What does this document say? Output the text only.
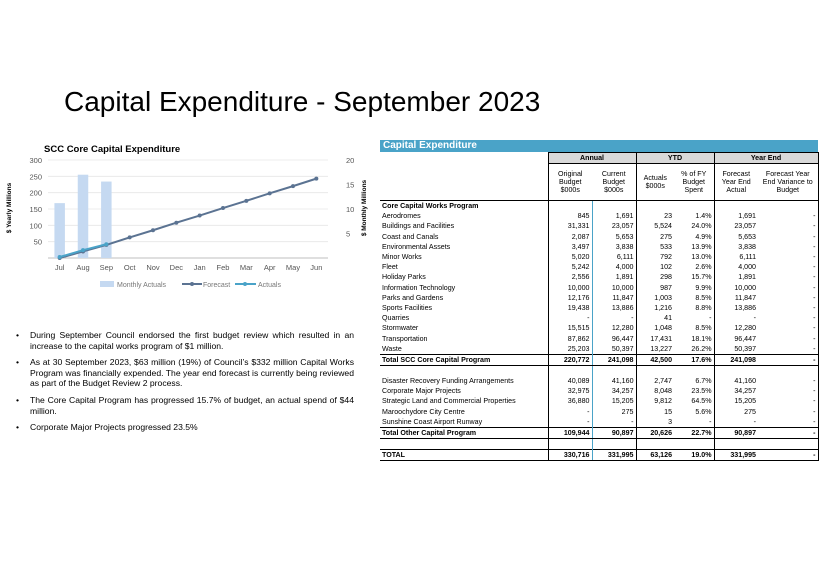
Capital Expenditure - September 2023
SCC Core Capital Expenditure
$ Yearly Millions	$ Monthly Millions
50
100
150
200
250
300
5
10
15
20
Jul Aug Sep Oct Nov Dec Jan Feb Mar Apr May Jun
Monthly Actuals	Forecast	Actuals
• During September Council endorsed the first budget review which resulted in an increase to the capital works program of $1 million.
• As at 30 September 2023, $63 million (19%) of Council’s $332 million Capital Works Program was financially expended. The year end forecast is currently being reviewed as part of the Budget Review 2 process.
• The Core Capital Program has progressed 15.7% of budget, an actual spend of $44 million.
• Corporate Major Projects progressed 23.5%
Capital Expenditure
	Annual		YTD		Year End	
	Original Budget $000s	Current Budget $000s	Actuals $000s	% of FY Budget Spent	Forecast Year End Actual	Forecast Year End Variance to Budget
Core Capital Works Program						
Aerodromes	845	1,691	23	1.4%	1,691	-
Buildings and Facilities	31,331	23,057	5,524	24.0%	23,057	-
Coast and Canals	2,087	5,653	275	4.9%	5,653	-
Environmental Assets	3,497	3,838	533	13.9%	3,838	-
Minor Works	5,020	6,111	792	13.0%	6,111	-
Fleet	5,242	4,000	102	2.6%	4,000	-
Holiday Parks	2,556	1,891	298	15.7%	1,891	-
Information Technology	10,000	10,000	987	9.9%	10,000	-
Parks and Gardens	12,176	11,847	1,003	8.5%	11,847	-
Sports Facilities	19,438	13,886	1,216	8.8%	13,886	-
Quarries	-	-	41	-	-	-
Stormwater	15,515	12,280	1,048	8.5%	12,280	-
Transportation	87,862	96,447	17,431	18.1%	96,447	-
Waste	25,203	50,397	13,227	26.2%	50,397	-
Total SCC Core Capital Program	220,772	241,098	42,500	17.6%	241,098	-

Disaster Recovery Funding Arrangements	40,089	41,160	2,747	6.7%	41,160	-
Corporate Major Projects	32,975	34,257	8,048	23.5%	34,257	-
Strategic Land and Commercial Properties	36,880	15,205	9,812	64.5%	15,205	-
Maroochydore City Centre	-	275	15	5.6%	275	-
Sunshine Coast Airport Runway	-	-	3	-	-	-
Total Other Capital Program	109,944	90,897	20,626	22.7%	90,897	-

TOTAL	330,716	331,995	63,126	19.0%	331,995	-
